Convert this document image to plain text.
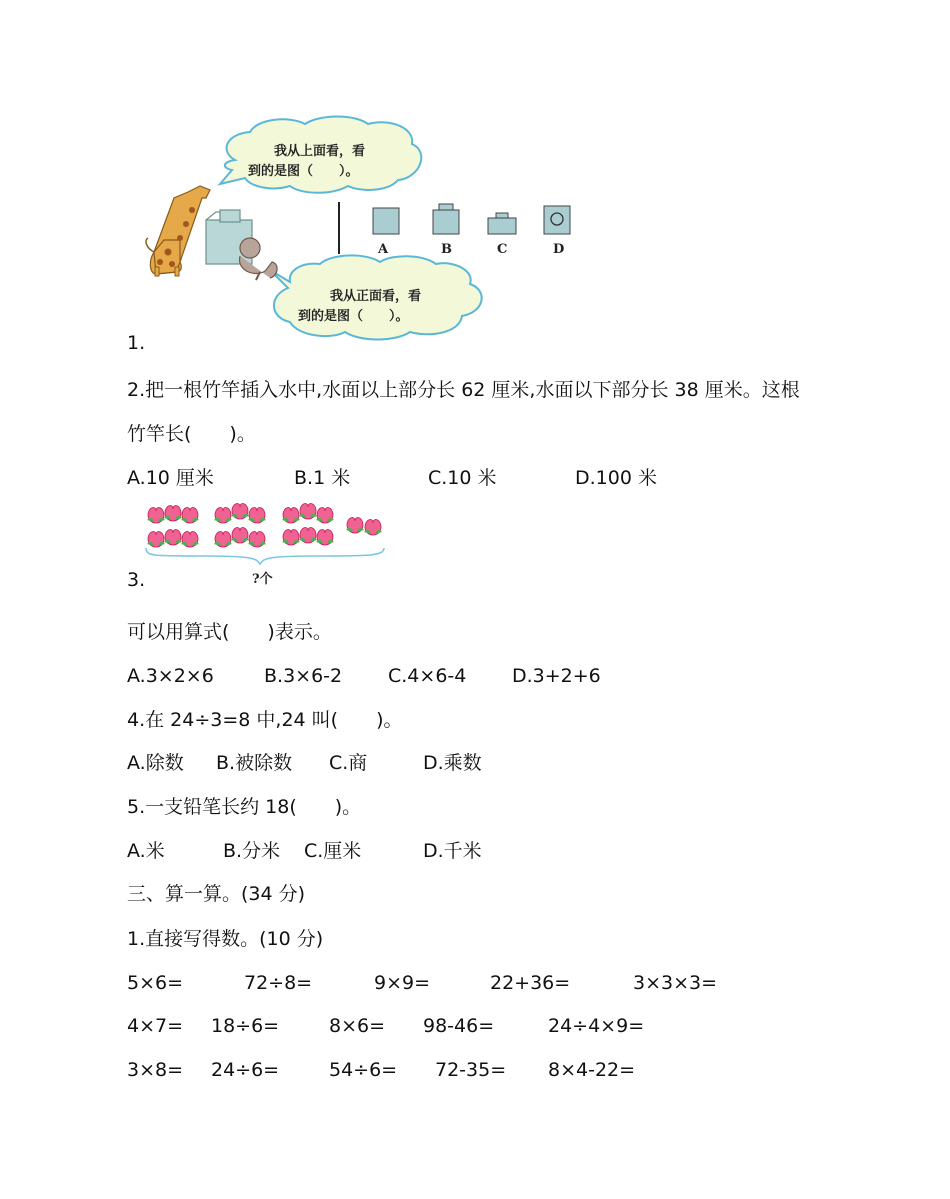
我从上面看，看
到的是图（　　）。
我从正面看，看
到的是图（　　）。
A	B	C	D
1.
2.把一根竹竿插入水中,水面以上部分长 62 厘米,水面以下部分长 38 厘米。这根
竹竿长(　　)。
A.10 厘米	B.1 米	C.10 米	D.100 米
?个
3.
可以用算式(　　)表示。
A.3×2×6	B.3×6-2 C.4×6-4 D.3+2+6
4.在 24÷3=8 中,24 叫(　　)。
A.除数 B.被除数 C.商	D.乘数
5.一支铅笔长约 18(　　)。
A.米	B.分米 C.厘米	D.千米
三、算一算。(34 分)
1.直接写得数。(10 分)
5×6=	72÷8=	9×9=	22+36=	3×3×3=
4×7= 18÷6=	8×6= 98-46=	24÷4×9=
3×8= 24÷6=	54÷6= 72-35= 8×4-22=
